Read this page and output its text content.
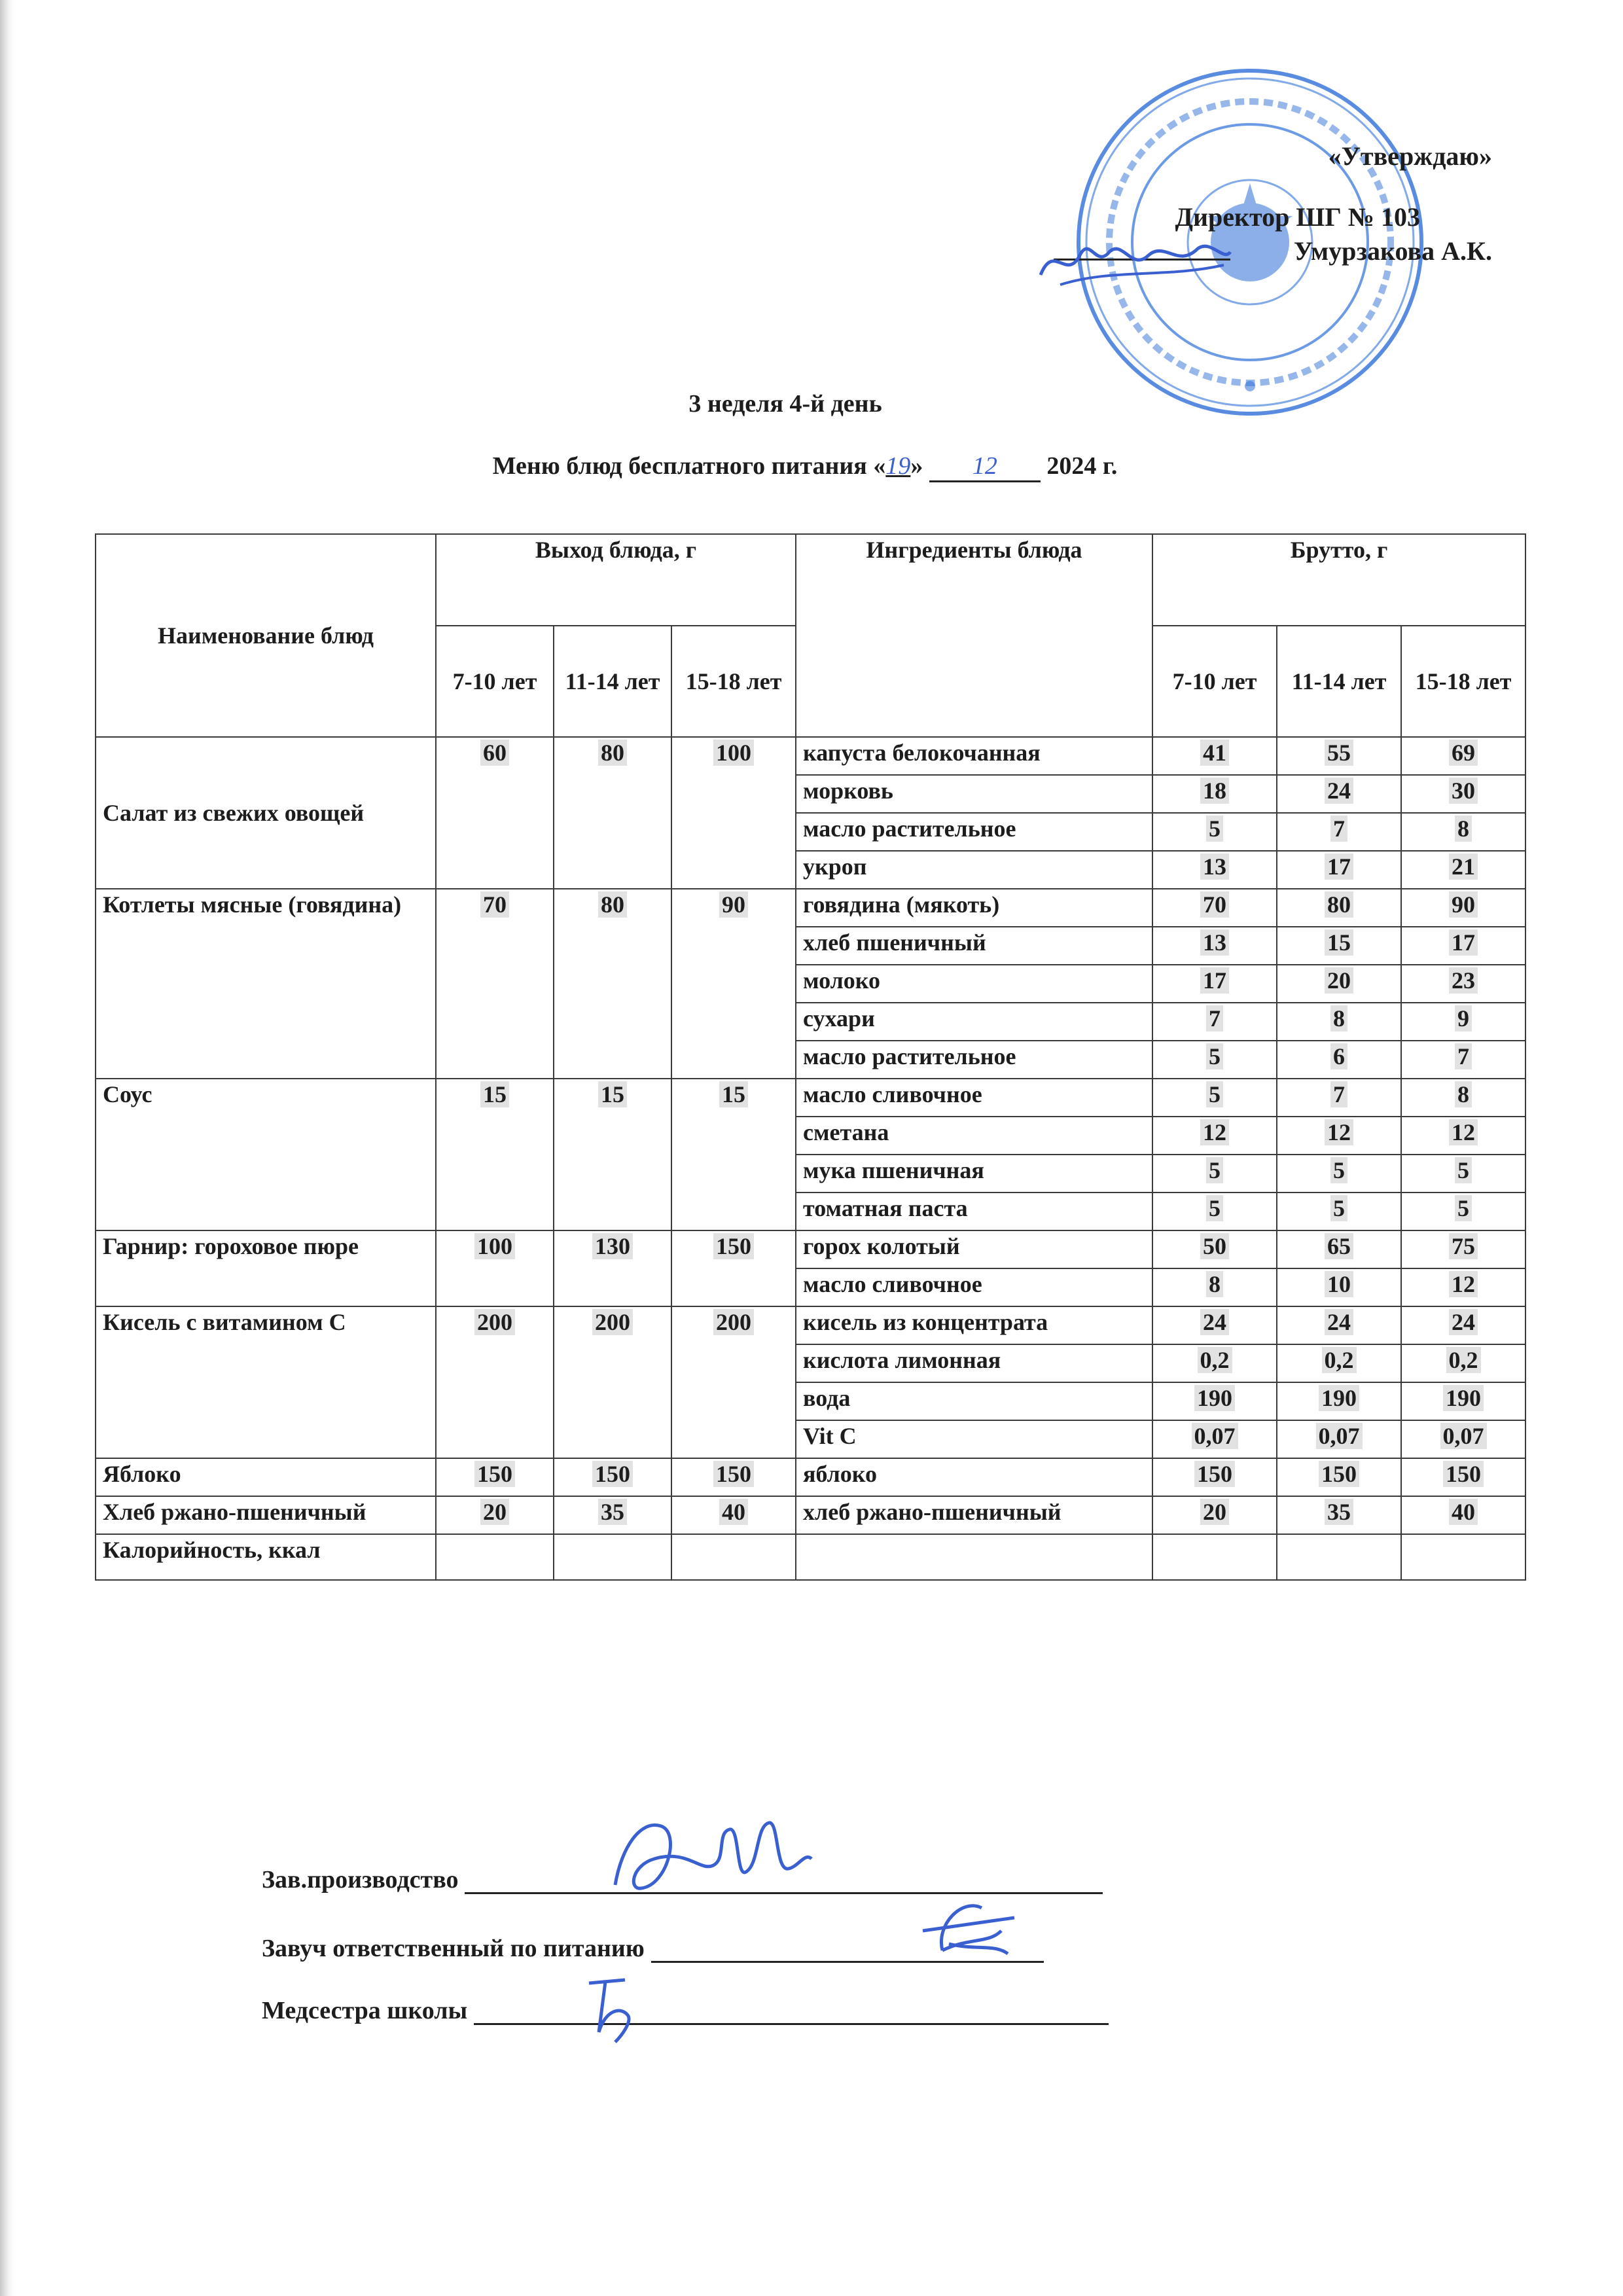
«Утверждаю»
Директор ШГ № 103
Умурзакова А.К.
3 неделя 4-й день
Меню блюд бесплатного питания «19» 12 2024 г.
Наименование блюд	Выход блюда, г			Ингредиенты блюда	Брутто, г		
	7-10 лет	11-14 лет	15-18 лет		7-10 лет	11-14 лет	15-18 лет
Салат из свежих овощей	60	80	100	капуста белокочанная	41	55	69
				морковь	18	24	30
				масло растительное	5	7	8
				укроп	13	17	21
Котлеты мясные (говядина)	70	80	90	говядина (мякоть)	70	80	90
				хлеб пшеничный	13	15	17
				молоко	17	20	23
				сухари	7	8	9
				масло растительное	5	6	7
Соус	15	15	15	масло сливочное	5	7	8
				сметана	12	12	12
				мука пшеничная	5	5	5
				томатная паста	5	5	5
Гарнир: гороховое пюре	100	130	150	горох колотый	50	65	75
				масло сливочное	8	10	12
Кисель с витамином С	200	200	200	кисель из концентрата	24	24	24
				кислота лимонная	0,2	0,2	0,2
				вода	190	190	190
				Vit C	0,07	0,07	0,07
Яблоко	150	150	150	яблоко	150	150	150
Хлеб ржано-пшеничный	20	35	40	хлеб ржано-пшеничный	20	35	40
Калорийность, ккал							
Зав.производство
Завуч ответственный по питанию
Медсестра школы
